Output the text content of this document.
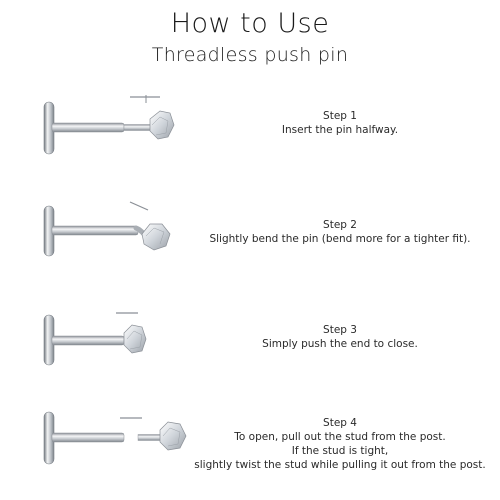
How to Use
Threadless push pin
Step 1
Insert the pin halfway.
Step 2
Slightly bend the pin (bend more for a tighter fit).
Step 3
Simply push the end to close.
Step 4
To open, pull out the stud from the post.
If the stud is tight,
slightly twist the stud while pulling it out from the post.
